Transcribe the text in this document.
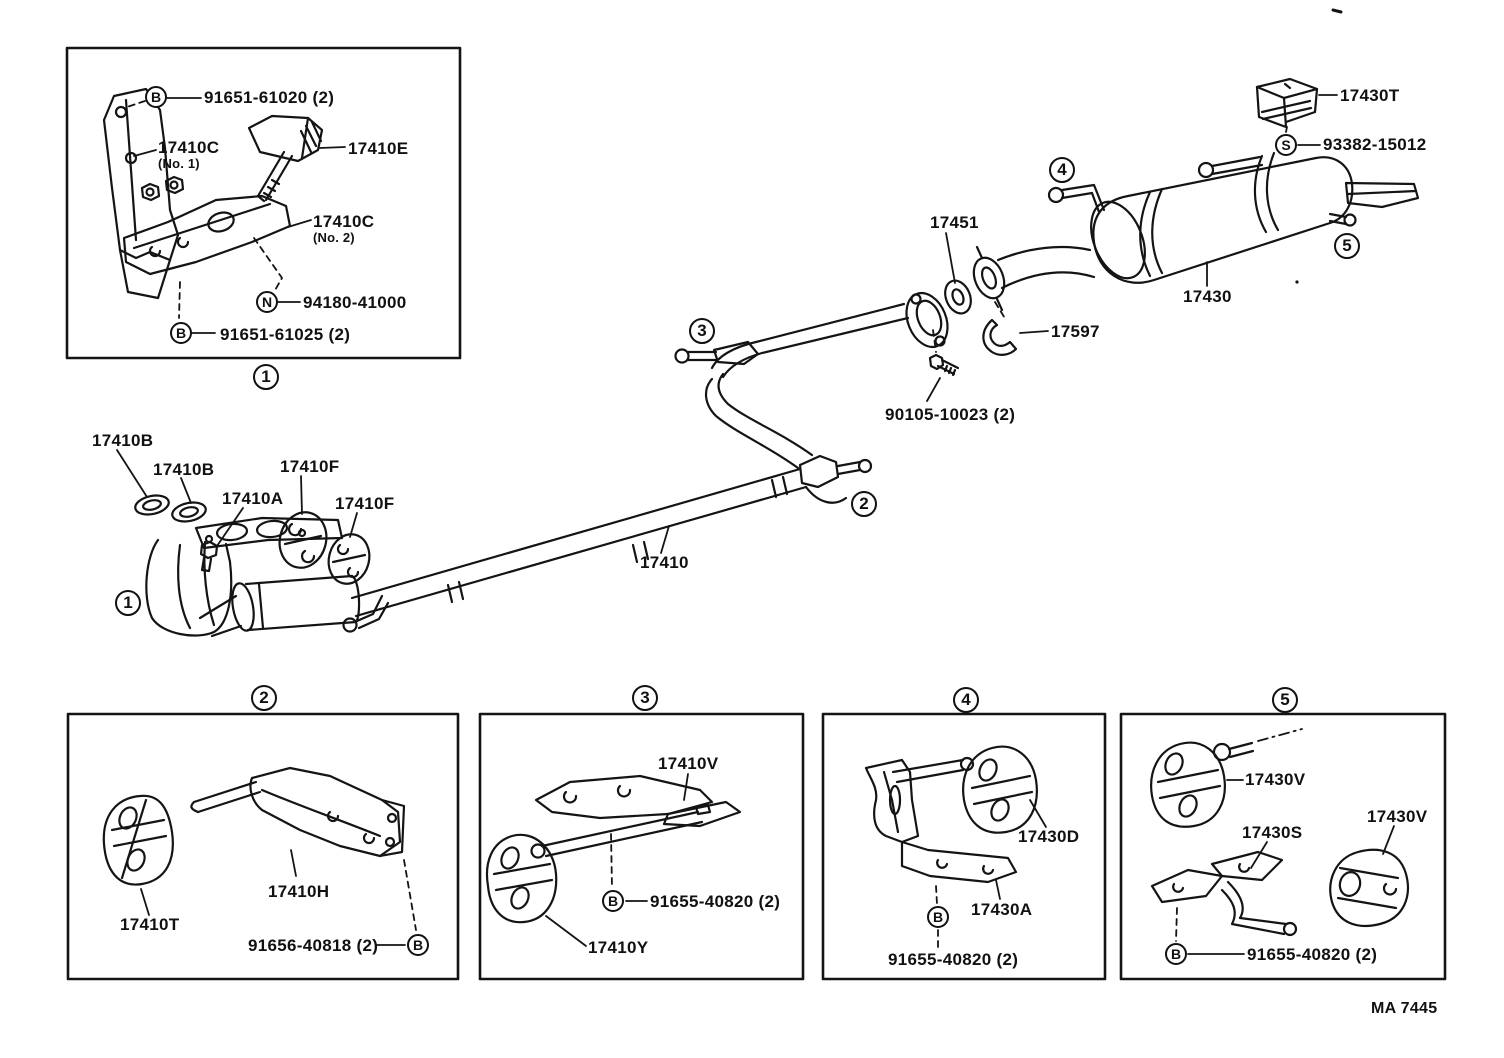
B	91651-61020 (2)
17410C
(No. 1)
17410E
17410C
(No. 2)
N	94180-41000
B	91651-61025 (2)
1
17410B
17410B	17410F
17410A	17410F
1
17410
2
3
17451
90105-10023 (2)
17597
4
5
17430T
S	93382-15012
17430
2
17410H
17410T
91656-40818 (2)	B
3
17410V
B	91655-40820 (2)
17410Y
4
17430D
17430A
B
91655-40820 (2)
5
17430V
17430V
17430S
B	91655-40820 (2)
MA 7445
